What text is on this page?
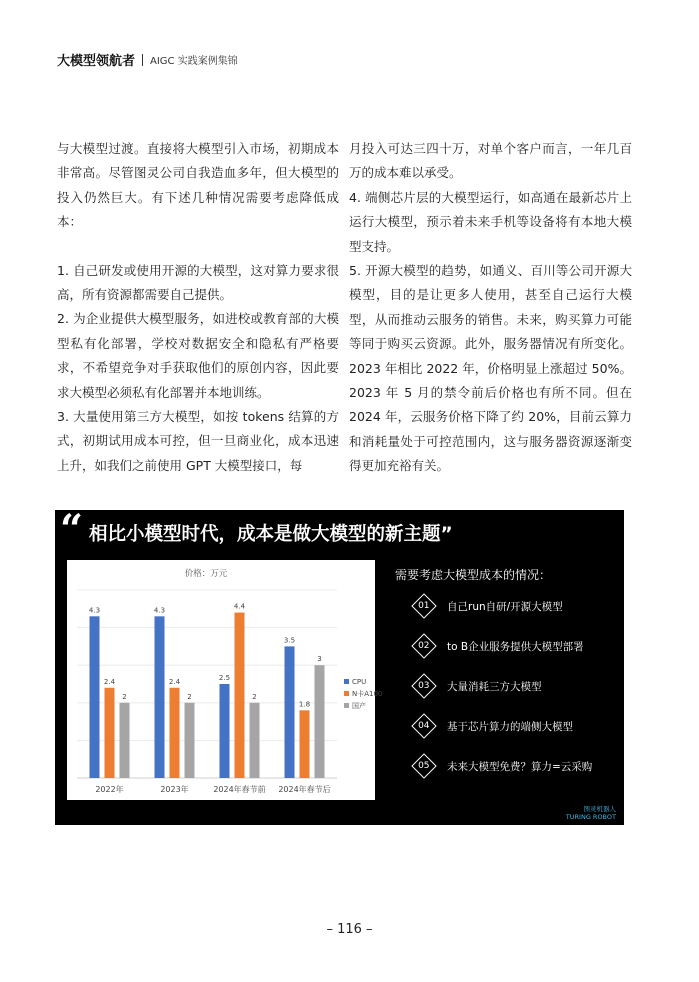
大模型领航者 AIGC 实践案例集锦

与大模型过渡。直接将大模型引入市场，初期成本非常高。尽管图灵公司自我造血多年，但大模型的投入仍然巨大。有下述几种情况需要考虑降低成本：

1. 自己研发或使用开源的大模型，这对算力要求很高，所有资源都需要自己提供。

2. 为企业提供大模型服务，如进校或教育部的大模型私有化部署，学校对数据安全和隐私有严格要求，不希望竞争对手获取他们的原创内容，因此要求大模型必须私有化部署并本地训练。

3. 大量使用第三方大模型，如按 tokens 结算的方式，初期试用成本可控，但一旦商业化，成本迅速上升，如我们之前使用 GPT 大模型接口，每

月投入可达三四十万，对单个客户而言，一年几百万的成本难以承受。

4. 端侧芯片层的大模型运行，如高通在最新芯片上运行大模型，预示着未来手机等设备将有本地大模型支持。

5. 开源大模型的趋势，如通义、百川等公司开源大模型，目的是让更多人使用，甚至自己运行大模型，从而推动云服务的销售。未来，购买算力可能等同于购买云资源。此外，服务器情况有所变化。2023 年相比 2022 年，价格明显上涨超过 50%。2023 年 5 月的禁令前后价格也有所不同。但在 2024 年，云服务价格下降了约 20%，目前云算力和消耗量处于可控范围内，这与服务器资源逐渐变得更加充裕有关。

“ 相比小模型时代，成本是做大模型的新主题”
价格：万元
4.3
2.4
2
2022年
4.3
2.4
2
2023年
2.5
4.4
2
2024年春节前
3.5
1.8
3
2024年春节后
CPU
N卡A100
国产
需要考虑大模型成本的情况：
01 自己run自研/开源大模型
02 to B企业服务提供大模型部署
03 大量消耗三方大模型
04 基于芯片算力的端侧大模型
05 未来大模型免费？算力=云采购
图灵机器人
TURING ROBOT
– 116 –
